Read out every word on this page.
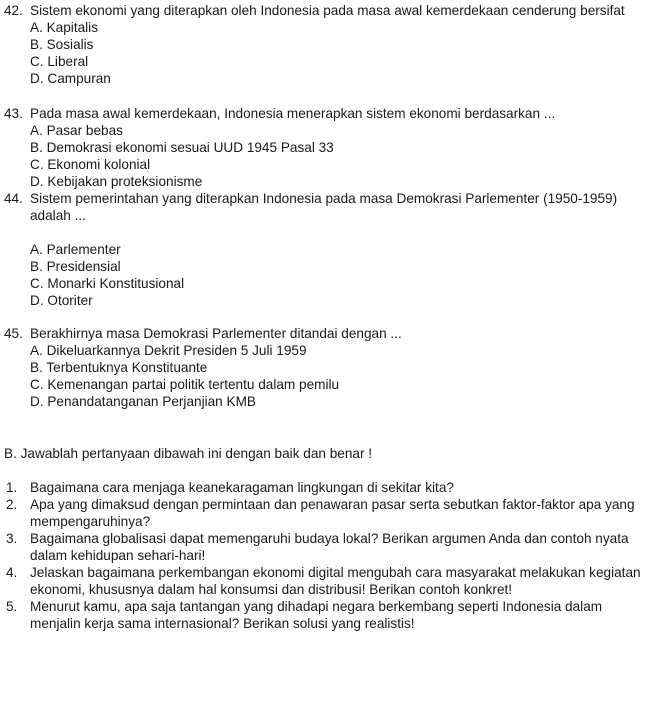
42. Sistem ekonomi yang diterapkan oleh Indonesia pada masa awal kemerdekaan cenderung bersifat
A. Kapitalis
B. Sosialis
C. Liberal
D. Campuran
43. Pada masa awal kemerdekaan, Indonesia menerapkan sistem ekonomi berdasarkan ...
A. Pasar bebas
B. Demokrasi ekonomi sesuai UUD 1945 Pasal 33
C. Ekonomi kolonial
D. Kebijakan proteksionisme
44. Sistem pemerintahan yang diterapkan Indonesia pada masa Demokrasi Parlementer (1950-1959) adalah ...
A. Parlementer
B. Presidensial
C. Monarki Konstitusional
D. Otoriter
45. Berakhirnya masa Demokrasi Parlementer ditandai dengan ...
A. Dikeluarkannya Dekrit Presiden 5 Juli 1959
B. Terbentuknya Konstituante
C. Kemenangan partai politik tertentu dalam pemilu
D. Penandatanganan Perjanjian KMB
B. Jawablah pertanyaan dibawah ini dengan baik dan benar !
1. Bagaimana cara menjaga keanekaragaman lingkungan di sekitar kita?
2. Apa yang dimaksud dengan permintaan dan penawaran pasar serta sebutkan faktor-faktor apa yang mempengaruhinya?
3. Bagaimana globalisasi dapat memengaruhi budaya lokal? Berikan argumen Anda dan contoh nyata dalam kehidupan sehari-hari!
4. Jelaskan bagaimana perkembangan ekonomi digital mengubah cara masyarakat melakukan kegiatan ekonomi, khususnya dalam hal konsumsi dan distribusi! Berikan contoh konkret!
5. Menurut kamu, apa saja tantangan yang dihadapi negara berkembang seperti Indonesia dalam menjalin kerja sama internasional? Berikan solusi yang realistis!
